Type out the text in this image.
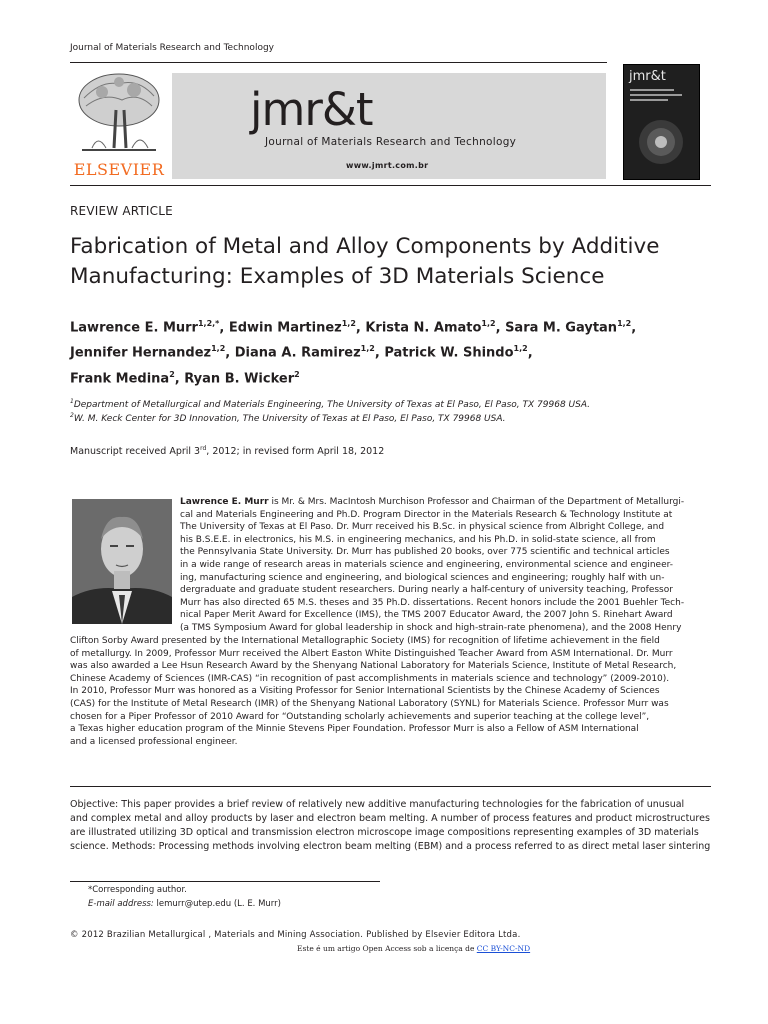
Journal of Materials Research and Technology
ELSEVIER
jmr&t
Journal of Materials Research and Technology
www.jmrt.com.br
jmr&t
REVIEW ARTICLE
Fabrication of Metal and Alloy Components by Additive
Manufacturing: Examples of 3D Materials Science
Lawrence E. Murr$^{1,2,*}$, Edwin Martinez$^{1,2}$, Krista N. Amato$^{1,2}$, Sara M. Gaytan$^{1,2}$,
Jennifer Hernandez$^{1,2}$, Diana A. Ramirez$^{1,2}$, Patrick W. Shindo$^{1,2}$,
Frank Medina$^2$, Ryan B. Wicker$^2$
$^1$Department of Metallurgical and Materials Engineering, The University of Texas at El Paso, El Paso, TX 79968 USA.
$^2$W. M. Keck Center for 3D Innovation, The University of Texas at El Paso, El Paso, TX 79968 USA.
Manuscript received April 3rd, 2012; in revised form April 18, 2012
Lawrence E. Murr is Mr. & Mrs. MacIntosh Murchison Professor and Chairman of the Department of Metallurgi-
cal and Materials Engineering and Ph.D. Program Director in the Materials Research & Technology Institute at
The University of Texas at El Paso. Dr. Murr received his B.Sc. in physical science from Albright College, and
his B.S.E.E. in electronics, his M.S. in engineering mechanics, and his Ph.D. in solid-state science, all from
the Pennsylvania State University. Dr. Murr has published 20 books, over 775 scientific and technical articles
in a wide range of research areas in materials science and engineering, environmental science and engineer-
ing, manufacturing science and engineering, and biological sciences and engineering; roughly half with un-
dergraduate and graduate student researchers. During nearly a half-century of university teaching, Professor
Murr has also directed 65 M.S. theses and 35 Ph.D. dissertations. Recent honors include the 2001 Buehler Tech-
nical Paper Merit Award for Excellence (IMS), the TMS 2007 Educator Award, the 2007 John S. Rinehart Award
(a TMS Symposium Award for global leadership in shock and high-strain-rate phenomena), and the 2008 Henry
Clifton Sorby Award presented by the International Metallographic Society (IMS) for recognition of lifetime achievement in the field
of metallurgy. In 2009, Professor Murr received the Albert Easton White Distinguished Teacher Award from ASM International. Dr. Murr
was also awarded a Lee Hsun Research Award by the Shenyang National Laboratory for Materials Science, Institute of Metal Research,
Chinese Academy of Sciences (IMR-CAS) “in recognition of past accomplishments in materials science and technology” (2009-2010).
In 2010, Professor Murr was honored as a Visiting Professor for Senior International Scientists by the Chinese Academy of Sciences
(CAS) for the Institute of Metal Research (IMR) of the Shenyang National Laboratory (SYNL) for Materials Science. Professor Murr was
chosen for a Piper Professor of 2010 Award for “Outstanding scholarly achievements and superior teaching at the college level”,
a Texas higher education program of the Minnie Stevens Piper Foundation. Professor Murr is also a Fellow of ASM International
and a licensed professional engineer.
Objective: This paper provides a brief review of relatively new additive manufacturing technologies for the fabrication of unusual
and complex metal and alloy products by laser and electron beam melting. A number of process features and product microstructures
are illustrated utilizing 3D optical and transmission electron microscope image compositions representing examples of 3D materials
science. Methods: Processing methods involving electron beam melting (EBM) and a process referred to as direct metal laser sintering
*Corresponding author.
E-mail address: lemurr@utep.edu (L. E. Murr)
© 2012 Brazilian Metallurgical , Materials and Mining Association. Published by Elsevier Editora Ltda.
Este é um artigo Open Access sob a licença de CC BY-NC-ND
